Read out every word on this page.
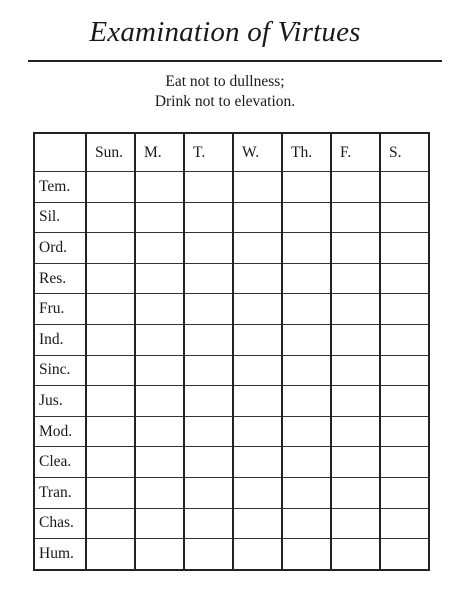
Examination of Virtues
Eat not to dullness;
Drink not to elevation.
	Sun.	M.	T.	W.	Th.	F.	S.
Tem.							
Sil.							
Ord.							
Res.							
Fru.							
Ind.							
Sinc.							
Jus.							
Mod.							
Clea.							
Tran.							
Chas.							
Hum.							
